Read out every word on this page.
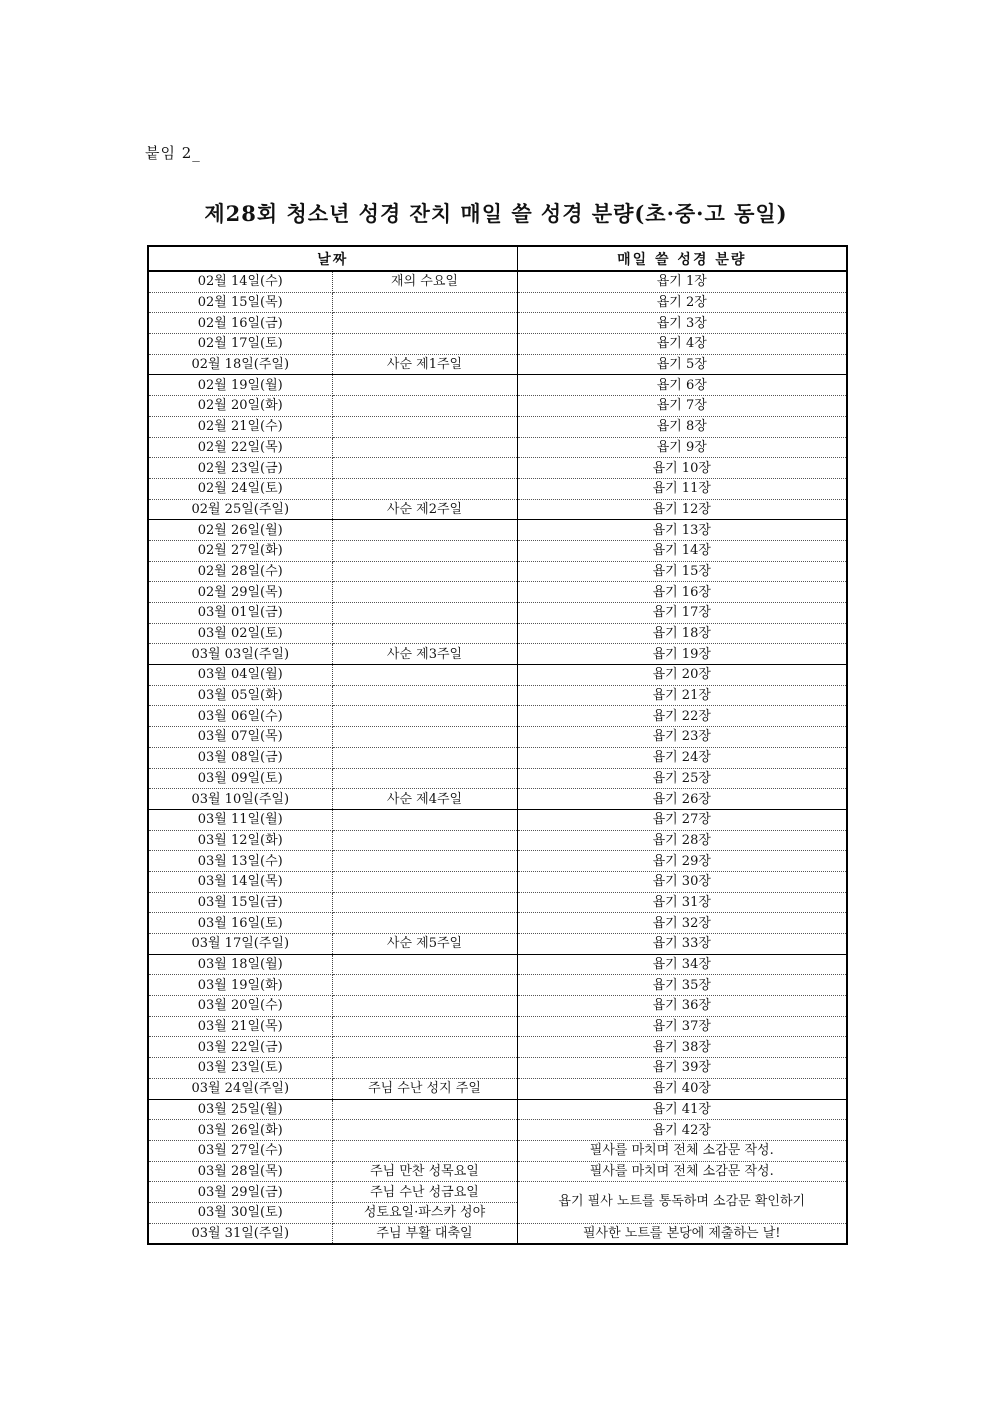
붙임 2_
제28회 청소년 성경 잔치 매일 쓸 성경 분량(초·중·고 동일)
날짜		매일 쓸 성경 분량
02월 14일(수)	재의 수요일	욥기 1장
02월 15일(목)		욥기 2장
02월 16일(금)		욥기 3장
02월 17일(토)		욥기 4장
02월 18일(주일)	사순 제1주일	욥기 5장
02월 19일(월)		욥기 6장
02월 20일(화)		욥기 7장
02월 21일(수)		욥기 8장
02월 22일(목)		욥기 9장
02월 23일(금)		욥기 10장
02월 24일(토)		욥기 11장
02월 25일(주일)	사순 제2주일	욥기 12장
02월 26일(월)		욥기 13장
02월 27일(화)		욥기 14장
02월 28일(수)		욥기 15장
02월 29일(목)		욥기 16장
03월 01일(금)		욥기 17장
03월 02일(토)		욥기 18장
03월 03일(주일)	사순 제3주일	욥기 19장
03월 04일(월)		욥기 20장
03월 05일(화)		욥기 21장
03월 06일(수)		욥기 22장
03월 07일(목)		욥기 23장
03월 08일(금)		욥기 24장
03월 09일(토)		욥기 25장
03월 10일(주일)	사순 제4주일	욥기 26장
03월 11일(월)		욥기 27장
03월 12일(화)		욥기 28장
03월 13일(수)		욥기 29장
03월 14일(목)		욥기 30장
03월 15일(금)		욥기 31장
03월 16일(토)		욥기 32장
03월 17일(주일)	사순 제5주일	욥기 33장
03월 18일(월)		욥기 34장
03월 19일(화)		욥기 35장
03월 20일(수)		욥기 36장
03월 21일(목)		욥기 37장
03월 22일(금)		욥기 38장
03월 23일(토)		욥기 39장
03월 24일(주일)	주님 수난 성지 주일	욥기 40장
03월 25일(월)		욥기 41장
03월 26일(화)		욥기 42장
03월 27일(수)		필사를 마치며 전체 소감문 작성.
03월 28일(목)	주님 만찬 성목요일	필사를 마치며 전체 소감문 작성.
03월 29일(금)	주님 수난 성금요일	욥기 필사 노트를 통독하며 소감문 확인하기
03월 30일(토)	성토요일·파스카 성야	
03월 31일(주일)	주님 부활 대축일	필사한 노트를 본당에 제출하는 날!
